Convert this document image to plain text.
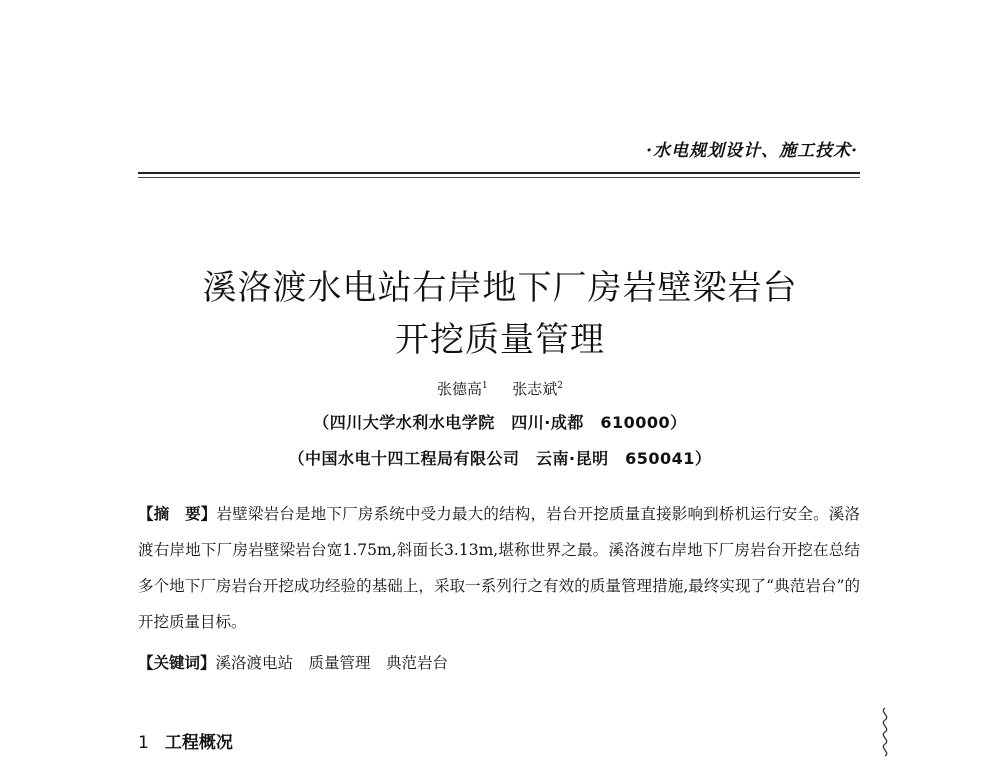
·水电规划设计、施工技术·
溪洛渡水电站右岸地下厂房岩壁梁岩台
开挖质量管理
张德高$^1$ 　 张志斌$^2$
（四川大学水利水电学院　四川·成都　610000）
（中国水电十四工程局有限公司　云南·昆明　650041）

【摘　要】岩壁梁岩台是地下厂房系统中受力最大的结构，岩台开挖质量直接影响到桥机运行安全。溪洛渡右岸地下厂房岩壁梁岩台宽1.75m,斜面长3.13m,堪称世界之最。溪洛渡右岸地下厂房岩台开挖在总结多个地下厂房岩台开挖成功经验的基础上，采取一系列行之有效的质量管理措施,最终实现了“典范岩台”的开挖质量目标。

【关键词】溪洛渡电站　质量管理　典范岩台
1 工程概况
